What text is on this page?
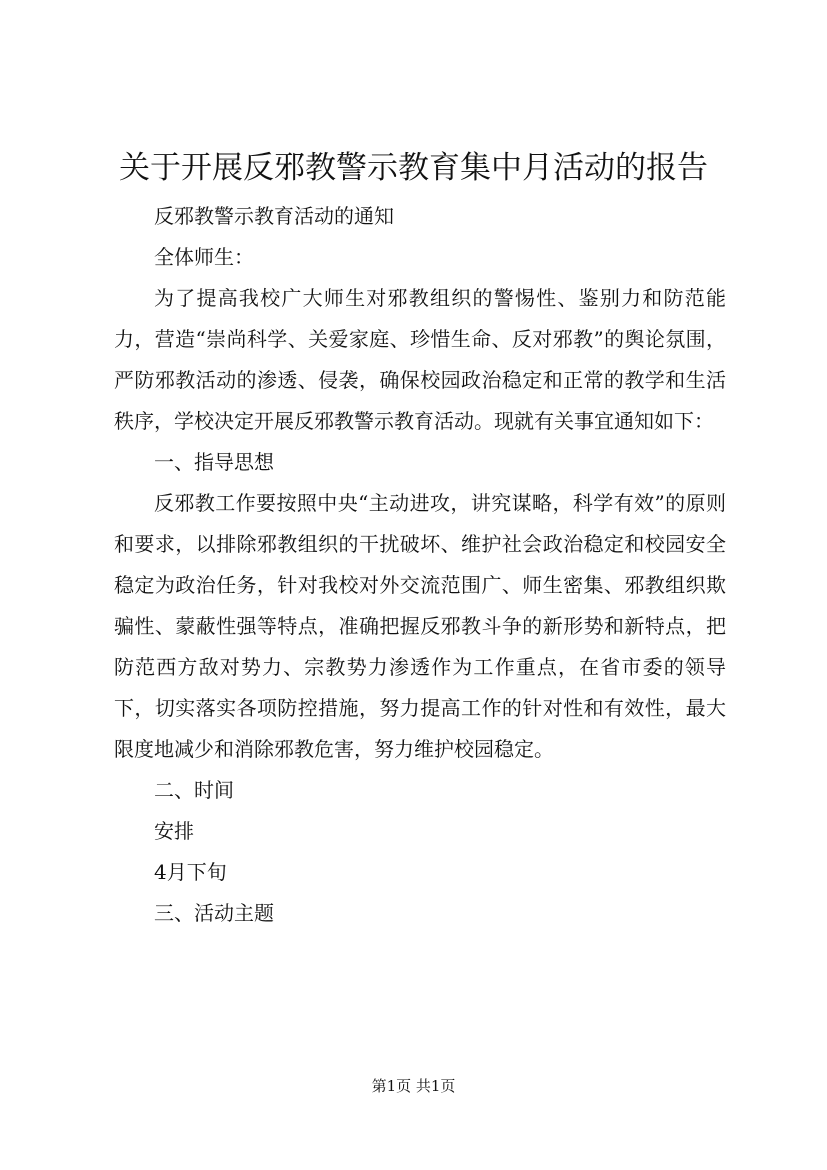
关于开展反邪教警示教育集中月活动的报告

反邪教警示教育活动的通知

全体师生：

为了提高我校广大师生对邪教组织的警惕性、鉴别力和防范能力，营造“崇尚科学、关爱家庭、珍惜生命、反对邪教”的舆论氛围，严防邪教活动的渗透、侵袭，确保校园政治稳定和正常的教学和生活秩序，学校决定开展反邪教警示教育活动。现就有关事宜通知如下：

一、指导思想

反邪教工作要按照中央“主动进攻，讲究谋略，科学有效”的原则和要求，以排除邪教组织的干扰破坏、维护社会政治稳定和校园安全稳定为政治任务，针对我校对外交流范围广、师生密集、邪教组织欺骗性、蒙蔽性强等特点，准确把握反邪教斗争的新形势和新特点，把防范西方敌对势力、宗教势力渗透作为工作重点，在省市委的领导下，切实落实各项防控措施，努力提高工作的针对性和有效性，最大限度地减少和消除邪教危害，努力维护校园稳定。

二、时间

安排

4月下旬

三、活动主题

第1页 共1页
